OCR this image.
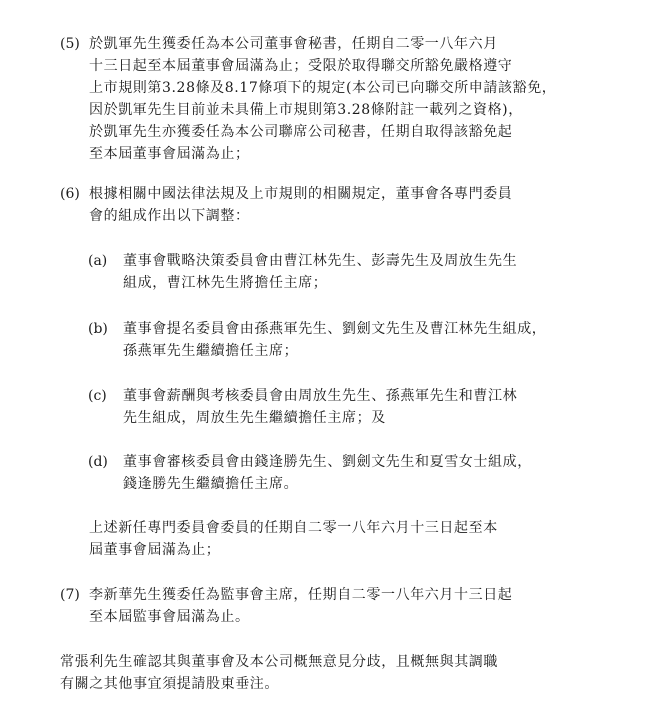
(5) 於凱軍先生獲委任為本公司董事會秘書，任期自二零一八年六月
十三日起至本屆董事會屆滿為止；受限於取得聯交所豁免嚴格遵守
上市規則第3.28條及8.17條項下的規定(本公司已向聯交所申請該豁免，
因於凱軍先生目前並未具備上市規則第3.28條附註一載列之資格)，
於凱軍先生亦獲委任為本公司聯席公司秘書，任期自取得該豁免起
至本屆董事會屆滿為止；
(6) 根據相關中國法律法規及上市規則的相關規定，董事會各專門委員
會的組成作出以下調整：
(a) 董事會戰略決策委員會由曹江林先生、彭壽先生及周放生先生
組成，曹江林先生將擔任主席；
(b) 董事會提名委員會由孫燕軍先生、劉劍文先生及曹江林先生組成，
孫燕軍先生繼續擔任主席；
(c) 董事會薪酬與考核委員會由周放生先生、孫燕軍先生和曹江林
先生組成，周放生先生繼續擔任主席；及
(d) 董事會審核委員會由錢逢勝先生、劉劍文先生和夏雪女士組成，
錢逢勝先生繼續擔任主席。
上述新任專門委員會委員的任期自二零一八年六月十三日起至本
屆董事會屆滿為止；
(7) 李新華先生獲委任為監事會主席，任期自二零一八年六月十三日起
至本屆監事會屆滿為止。
常張利先生確認其與董事會及本公司概無意見分歧，且概無與其調職
有關之其他事宜須提請股東垂注。
